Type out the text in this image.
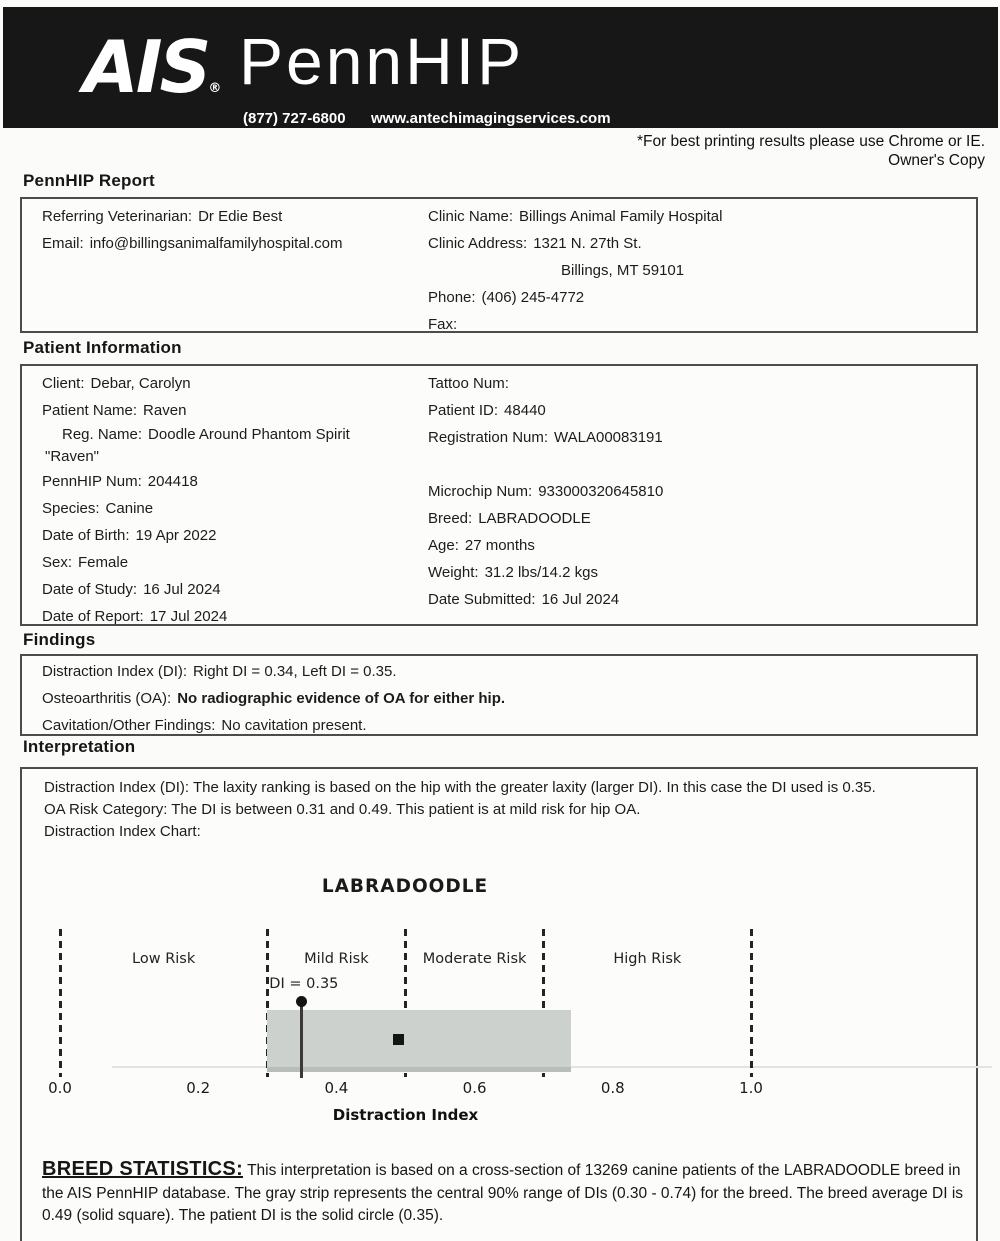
AIS® PennHIP
(877) 727-6800 www.antechimagingservices.com
*For best printing results please use Chrome or IE.
Owner's Copy
PennHIP Report
Referring Veterinarian: Dr Edie Best
Email: info@billingsanimalfamilyhospital.com
Clinic Name: Billings Animal Family Hospital
Clinic Address: 1321 N. 27th St.
Billings, MT 59101
Phone: (406) 245-4772
Fax:
Patient Information
Client: Debar, Carolyn
Patient Name: Raven
Reg. Name: Doodle Around Phantom Spirit "Raven"
PennHIP Num: 204418
Species: Canine
Date of Birth: 19 Apr 2022
Sex: Female
Date of Study: 16 Jul 2024
Date of Report: 17 Jul 2024
Tattoo Num:
Patient ID: 48440
Registration Num: WALA00083191
Microchip Num: 933000320645810
Breed: LABRADOODLE
Age: 27 months
Weight: 31.2 lbs/14.2 kgs
Date Submitted: 16 Jul 2024
Findings
Distraction Index (DI): Right DI = 0.34, Left DI = 0.35.
Osteoarthritis (OA): No radiographic evidence of OA for either hip.
Cavitation/Other Findings: No cavitation present.
Interpretation

Distraction Index (DI): The laxity ranking is based on the hip with the greater laxity (larger DI). In this case the DI used is 0.35.

OA Risk Category: The DI is between 0.31 and 0.49. This patient is at mild risk for hip OA.

Distraction Index Chart:

LABRADOODLE
Low Risk	Mild Risk	Moderate Risk	High Risk
DI = 0.35
0.0	0.2	0.4	0.6	0.8	1.0
Distraction Index
BREED STATISTICS: This interpretation is based on a cross-section of 13269 canine patients of the LABRADOODLE breed in the AIS PennHIP database. The gray strip represents the central 90% range of DIs (0.30 - 0.74) for the breed. The breed average DI is 0.49 (solid square). The patient DI is the solid circle (0.35).
